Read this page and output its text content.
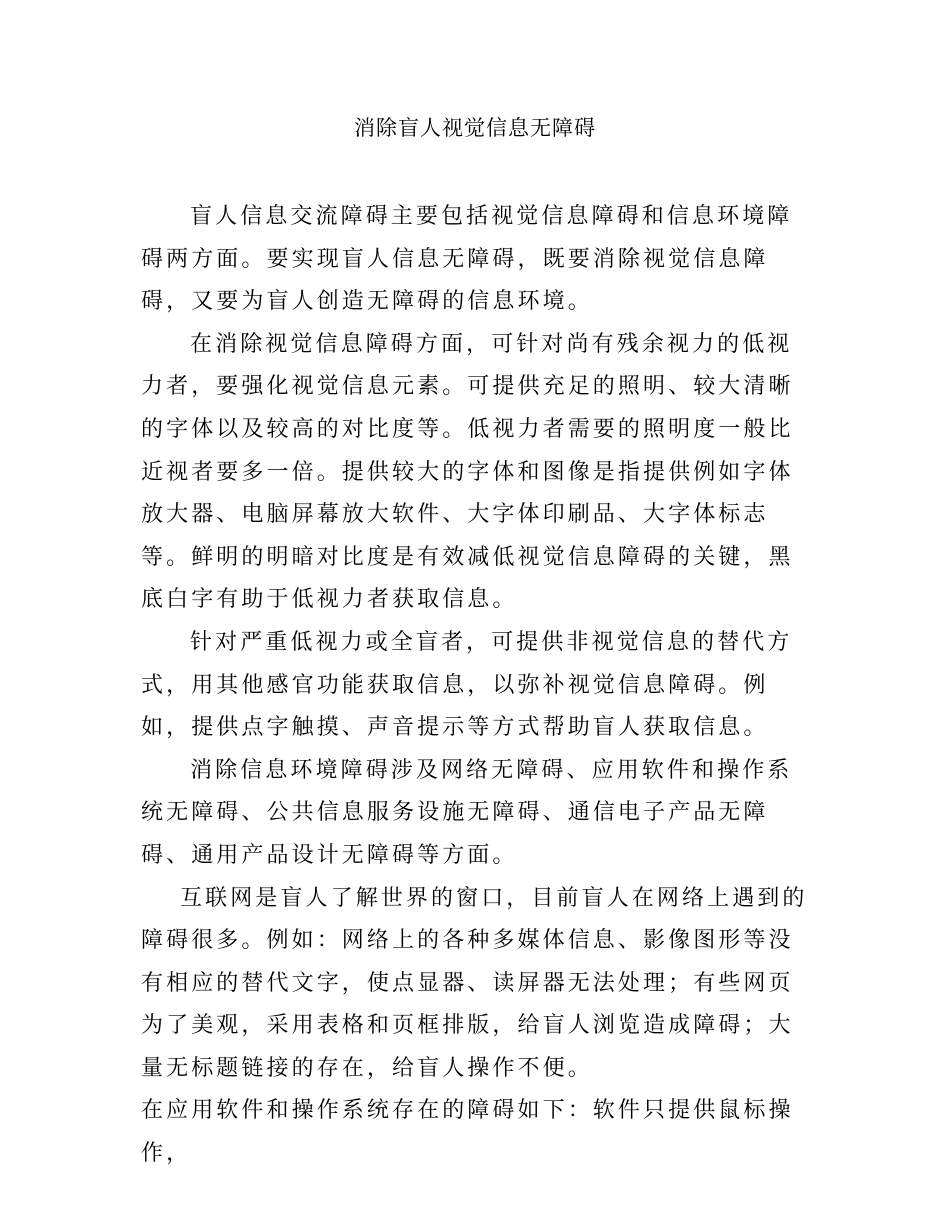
消除盲人视觉信息无障碍

盲人信息交流障碍主要包括视觉信息障碍和信息环境障碍两方面。要实现盲人信息无障碍，既要消除视觉信息障碍，又要为盲人创造无障碍的信息环境。

在消除视觉信息障碍方面，可针对尚有残余视力的低视力者，要强化视觉信息元素。可提供充足的照明、较大清晰的字体以及较高的对比度等。低视力者需要的照明度一般比近视者要多一倍。提供较大的字体和图像是指提供例如字体放大器、电脑屏幕放大软件、大字体印刷品、大字体标志等。鲜明的明暗对比度是有效减低视觉信息障碍的关键，黑底白字有助于低视力者获取信息。

针对严重低视力或全盲者，可提供非视觉信息的替代方式，用其他感官功能获取信息，以弥补视觉信息障碍。例如，提供点字触摸、声音提示等方式帮助盲人获取信息。

消除信息环境障碍涉及网络无障碍、应用软件和操作系统无障碍、公共信息服务设施无障碍、通信电子产品无障碍、通用产品设计无障碍等方面。

互联网是盲人了解世界的窗口，目前盲人在网络上遇到的障碍很多。例如：网络上的各种多媒体信息、影像图形等没有相应的替代文字，使点显器、读屏器无法处理；有些网页为了美观，采用表格和页框排版，给盲人浏览造成障碍；大量无标题链接的存在，给盲人操作不便。

在应用软件和操作系统存在的障碍如下：软件只提供鼠标操作，
